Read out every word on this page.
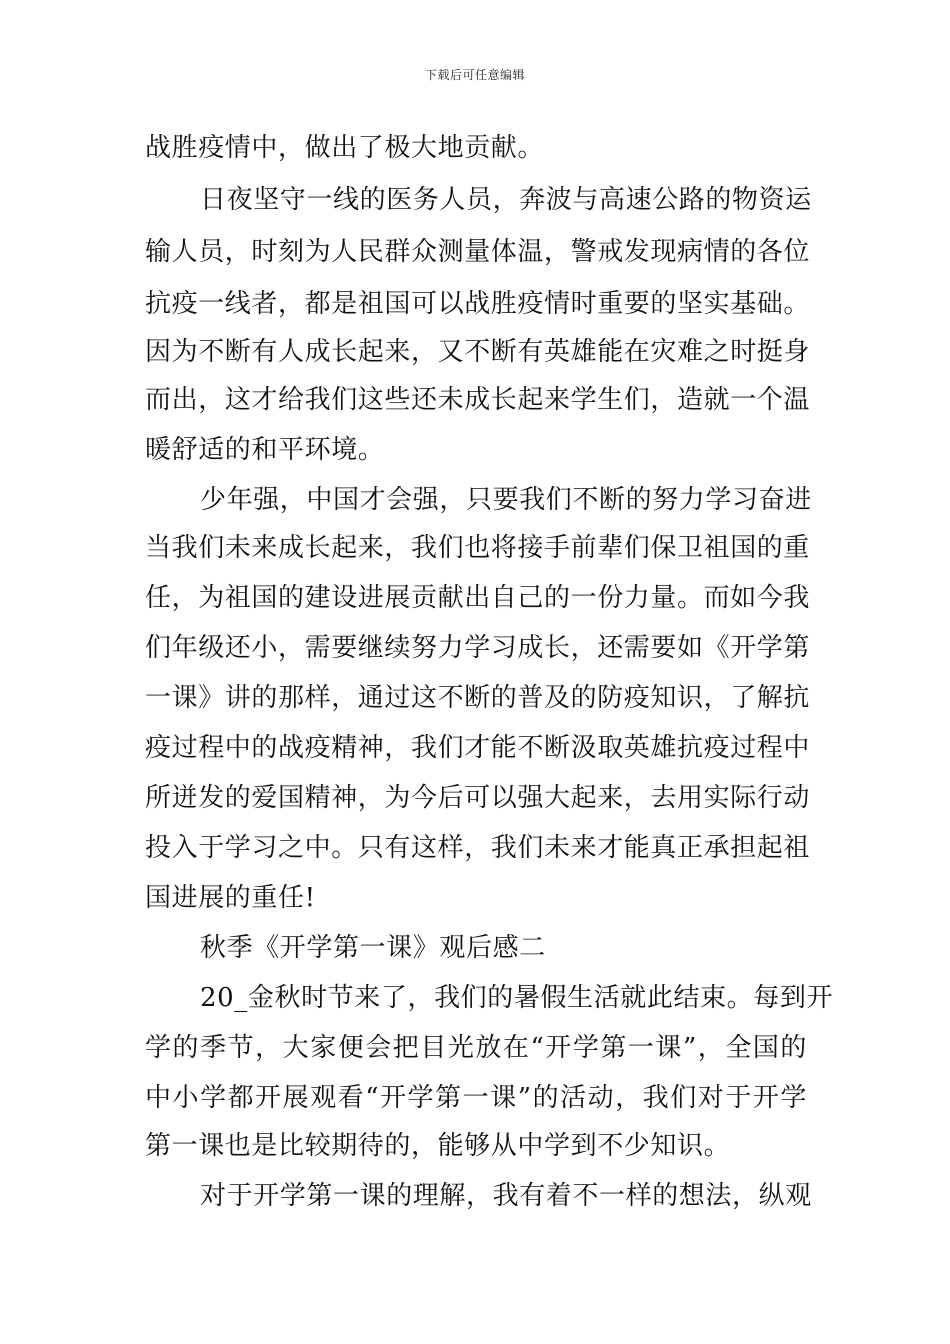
下载后可任意编辑
战胜疫情中，做出了极大地贡献。
日夜坚守一线的医务人员，奔波与高速公路的物资运
输人员，时刻为人民群众测量体温，警戒发现病情的各位
抗疫一线者，都是祖国可以战胜疫情时重要的坚实基础。
因为不断有人成长起来，又不断有英雄能在灾难之时挺身
而出，这才给我们这些还未成长起来学生们，造就一个温
暖舒适的和平环境。
少年强，中国才会强，只要我们不断的努力学习奋进
当我们未来成长起来，我们也将接手前辈们保卫祖国的重
任，为祖国的建设进展贡献出自己的一份力量。而如今我
们年级还小，需要继续努力学习成长，还需要如《开学第
一课》讲的那样，通过这不断的普及的防疫知识，了解抗
疫过程中的战疫精神，我们才能不断汲取英雄抗疫过程中
所迸发的爱国精神，为今后可以强大起来，去用实际行动
投入于学习之中。只有这样，我们未来才能真正承担起祖
国进展的重任!
秋季《开学第一课》观后感二
20_金秋时节来了，我们的暑假生活就此结束。每到开
学的季节，大家便会把目光放在“开学第一课”，全国的
中小学都开展观看“开学第一课”的活动，我们对于开学
第一课也是比较期待的，能够从中学到不少知识。
对于开学第一课的理解，我有着不一样的想法，纵观
